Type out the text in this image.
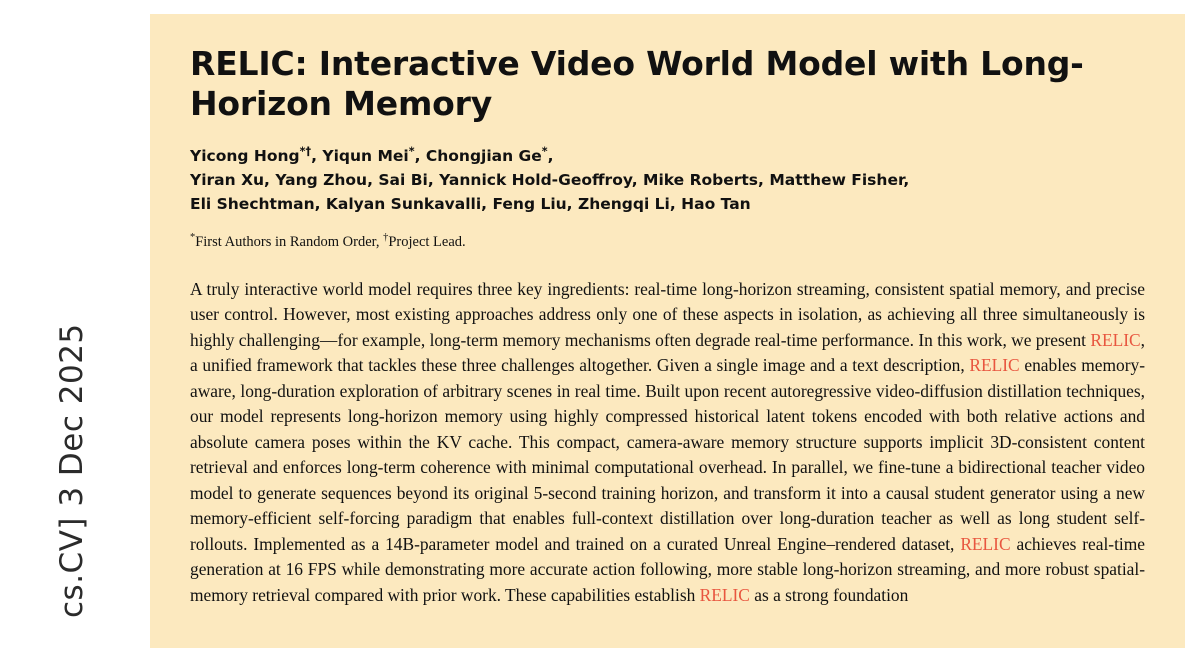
cs.CV] 3 Dec 2025
RELIC: Interactive Video World Model with Long-Horizon Memory
Yicong Hong*†, Yiqun Mei*, Chongjian Ge*,
Yiran Xu, Yang Zhou, Sai Bi, Yannick Hold-Geoffroy, Mike Roberts, Matthew Fisher,
Eli Shechtman, Kalyan Sunkavalli, Feng Liu, Zhengqi Li, Hao Tan

*First Authors in Random Order, †Project Lead.

A truly interactive world model requires three key ingredients: real-time long-horizon streaming, consistent spatial memory, and precise user control. However, most existing approaches address only one of these aspects in isolation, as achieving all three simultaneously is highly challenging—for example, long-term memory mechanisms often degrade real-time performance. In this work, we present RELIC, a unified framework that tackles these three challenges altogether. Given a single image and a text description, RELIC enables memory-aware, long-duration exploration of arbitrary scenes in real time. Built upon recent autoregressive video-diffusion distillation techniques, our model represents long-horizon memory using highly compressed historical latent tokens encoded with both relative actions and absolute camera poses within the KV cache. This compact, camera-aware memory structure supports implicit 3D-consistent content retrieval and enforces long-term coherence with minimal computational overhead. In parallel, we fine-tune a bidirectional teacher video model to generate sequences beyond its original 5-second training horizon, and transform it into a causal student generator using a new memory-efficient self-forcing paradigm that enables full-context distillation over long-duration teacher as well as long student self-rollouts. Implemented as a 14B-parameter model and trained on a curated Unreal Engine–rendered dataset, RELIC achieves real-time generation at 16 FPS while demonstrating more accurate action following, more stable long-horizon streaming, and more robust spatial-memory retrieval compared with prior work. These capabilities establish RELIC as a strong foundation
